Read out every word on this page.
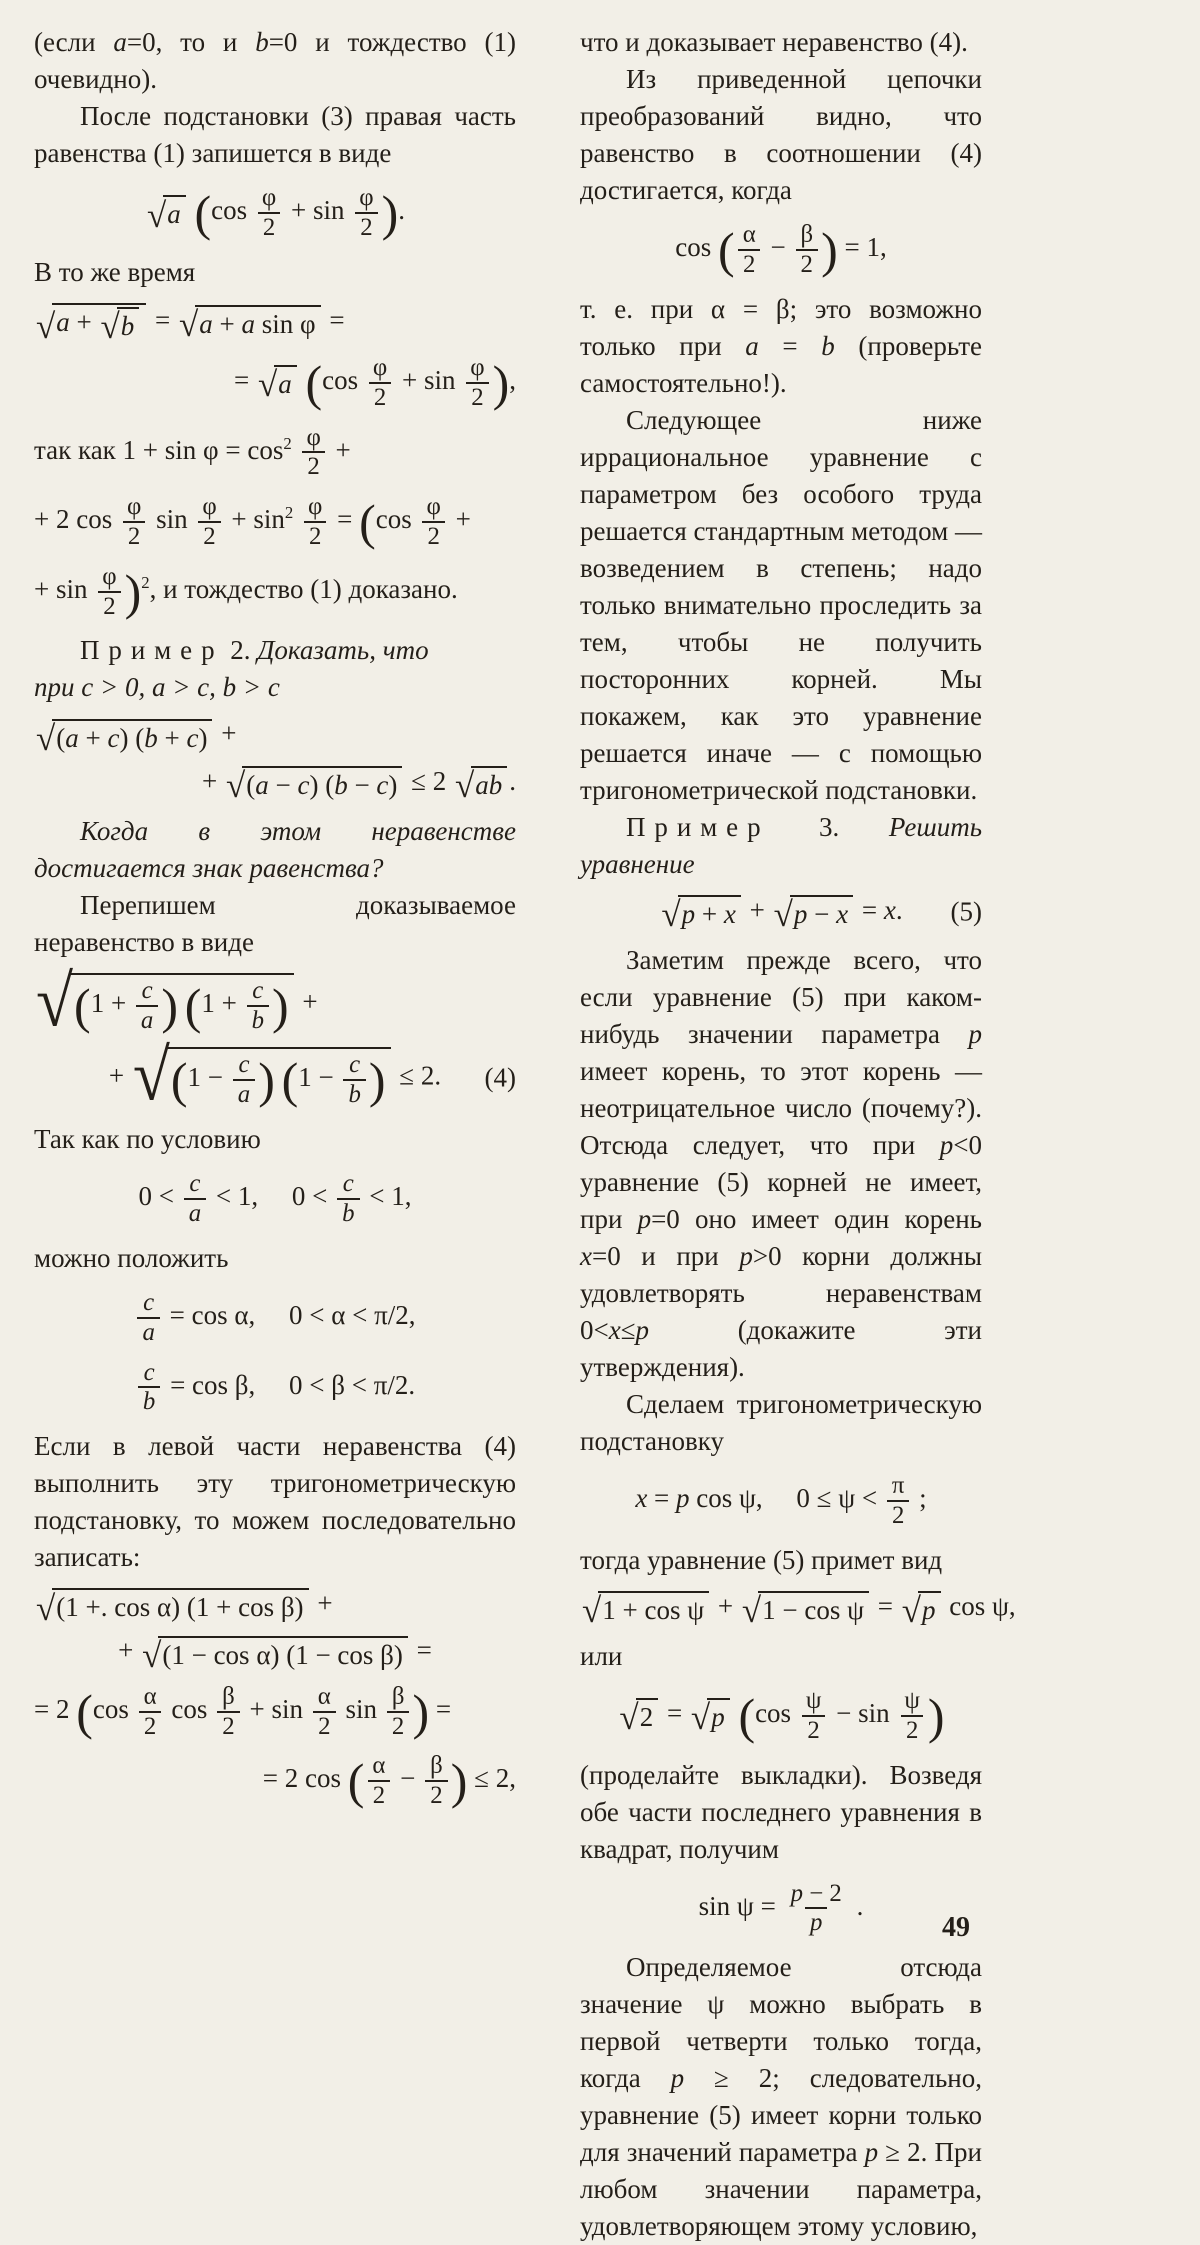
(если a=0, то и b=0 и тождество (1) очевидно).

После подстановки (3) правая часть равенства (1) запишется в виде

√ a ($\cos \frac{\varphi}{2} + \sin \frac{\varphi}{2}$ ).

В то же время

√ a + √ b = √ a + a sin φ =
= √ a ($\cos \frac{\varphi}{2} + \sin \frac{\varphi}{2}$ ),
так как $1 + \sin \varphi = \cos^2 \frac{\varphi}{2}$ +
+ 2 $\cos \frac{\varphi}{2}$ $\sin \frac{\varphi}{2} + \sin^2 \frac{\varphi}{2} = (\cos \frac{\varphi}{2}$ +
+ $\sin \frac{\varphi}{2} )^2$, и тождество (1) доказано.

Пример 2. Доказать, что

при c > 0, a > c, b > c

√ (a + c) (b + c) +
+ √ (a − c) (b − c) ≤ 2 √ ab .

Когда в этом неравенстве достигается знак равенства?

Перепишем доказываемое неравенство в виде

√ ($1 + \frac{c}{a}$ ) ($1 + \frac{c}{b}$ ) +
+ √ ($1 - \frac{c}{a}$ ) ($1 - \frac{c}{b}$ ) ≤ 2. (4)

Так как по условию

$0 < \frac{c}{a} < 1$,  $0 < \frac{c}{b} < 1$,

можно положить

$\frac{c}{a} = \cos \alpha$,  0 < α < π/2,
$\frac{c}{b} = \cos \beta$,  0 < β < π/2.

Если в левой части неравенства (4) выполнить эту тригонометрическую подстановку, то можем последовательно записать:

√ (1 +. cos α) (1 + cos β) +
+ √ (1 − cos α) (1 − cos β) =
= 2 ($\cos \frac{\alpha}{2}$ $\cos \frac{\beta}{2} + \sin \frac{\alpha}{2}$ $\sin \frac{\beta}{2}$ ) =
= 2 cos ( $\frac{\alpha}{2} - \frac{\beta}{2}$ ) ≤ 2,

что и доказывает неравенство (4).

Из приведенной цепочки преобразований видно, что равенство в соотношении (4) достигается, когда

cos ( $\frac{\alpha}{2} - \frac{\beta}{2}$ ) = 1,

т. е. при α = β; это возможно только при a = b (проверьте самостоятельно!).

Следующее ниже иррациональное уравнение с параметром без особого труда решается стандартным методом — возведением в степень; надо только внимательно проследить за тем, чтобы не получить посторонних корней. Мы покажем, как это уравнение решается иначе — с помощью тригонометрической подстановки.

Пример 3. Решить уравнение

√ p + x + √ p − x = x. (5)

Заметим прежде всего, что если уравнение (5) при каком-нибудь значении параметра p имеет корень, то этот корень — неотрицательное число (почему?). Отсюда следует, что при p<0 уравнение (5) корней не имеет, при p=0 оно имеет один корень x=0 и при p>0 корни должны удовлетворять неравенствам 0<x≤p (докажите эти утверждения).

Сделаем тригонометрическую подстановку

x = p cos ψ,  $0 \le \psi < \frac{\pi}{2}$ ;

тогда уравнение (5) примет вид

√ 1 + cos ψ + √ 1 − cos ψ = √ p cos ψ,

или

√ 2 = √ p ($\cos \frac{\psi}{2} - \sin \frac{\psi}{2}$ )

(проделайте выкладки). Возведя обе части последнего уравнения в квадрат, получим

$\sin \psi = \frac{p - 2}{p}$ .

Определяемое отсюда значение ψ можно выбрать в первой четверти только тогда, когда p ≥ 2; следовательно, уравнение (5) имеет корни только для значений параметра p ≥ 2. При любом значении параметра, удовлетворяющем этому условию,

49
